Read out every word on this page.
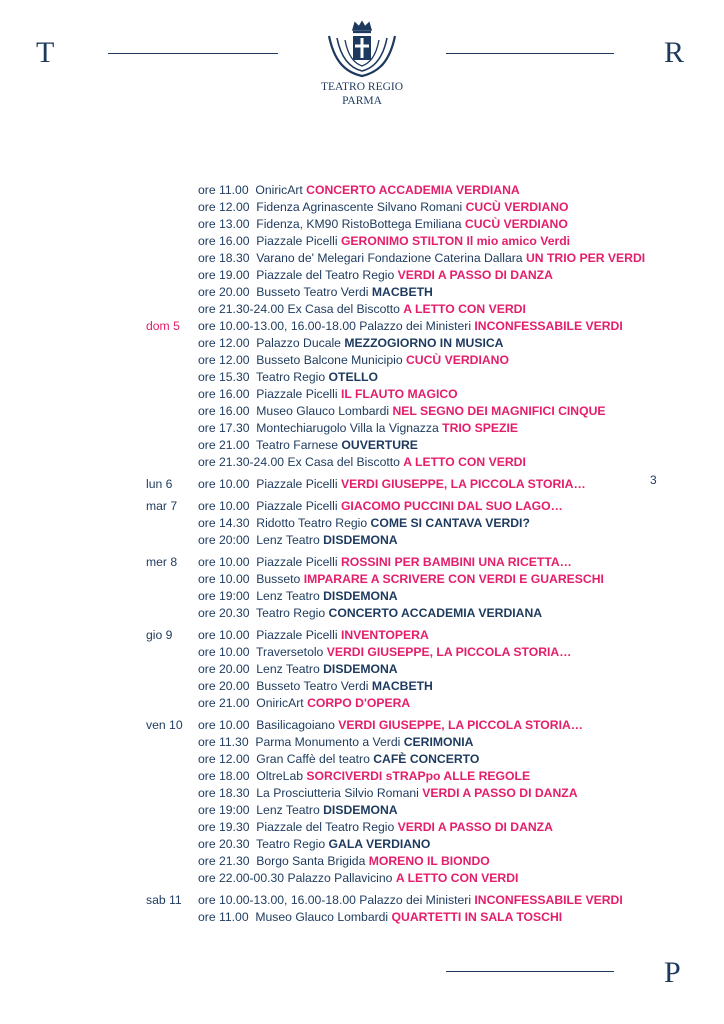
T	R
P
TEATRO REGIO
PARMA
3
ore 11.00  OniricArt CONCERTO ACCADEMIA VERDIANA
ore 12.00  Fidenza Agrinascente Silvano Romani CUCÙ VERDIANO
ore 13.00  Fidenza, KM90 RistoBottega Emiliana CUCÙ VERDIANO
ore 16.00  Piazzale Picelli GERONIMO STILTON Il mio amico Verdi
ore 18.30  Varano de' Melegari Fondazione Caterina Dallara UN TRIO PER VERDI
ore 19.00  Piazzale del Teatro Regio VERDI A PASSO DI DANZA
ore 20.00  Busseto Teatro Verdi MACBETH
ore 21.30-24.00 Ex Casa del Biscotto A LETTO CON VERDI
dom 5 ore 10.00-13.00, 16.00-18.00 Palazzo dei Ministeri INCONFESSABILE VERDI
ore 12.00  Palazzo Ducale MEZZOGIORNO IN MUSICA
ore 12.00  Busseto Balcone Municipio CUCÙ VERDIANO
ore 15.30  Teatro Regio OTELLO
ore 16.00  Piazzale Picelli IL FLAUTO MAGICO
ore 16.00  Museo Glauco Lombardi NEL SEGNO DEI MAGNIFICI CINQUE
ore 17.30  Montechiarugolo Villa la Vignazza TRIO SPEZIE
ore 21.00  Teatro Farnese OUVERTURE
ore 21.30-24.00 Ex Casa del Biscotto A LETTO CON VERDI
lun 6 ore 10.00  Piazzale Picelli VERDI GIUSEPPE, LA PICCOLA STORIA…
mar 7 ore 10.00  Piazzale Picelli GIACOMO PUCCINI DAL SUO LAGO…
ore 14.30  Ridotto Teatro Regio COME SI CANTAVA VERDI?
ore 20:00  Lenz Teatro DISDEMONA
mer 8 ore 10.00  Piazzale Picelli ROSSINI PER BAMBINI UNA RICETTA…
ore 10.00  Busseto IMPARARE A SCRIVERE CON VERDI E GUARESCHI
ore 19:00  Lenz Teatro DISDEMONA
ore 20.30  Teatro Regio CONCERTO ACCADEMIA VERDIANA
gio 9 ore 10.00  Piazzale Picelli INVENTOPERA
ore 10.00  Traversetolo VERDI GIUSEPPE, LA PICCOLA STORIA…
ore 20.00  Lenz Teatro DISDEMONA
ore 20.00  Busseto Teatro Verdi MACBETH
ore 21.00  OniricArt CORPO D'OPERA
ven 10 ore 10.00  Basilicagoiano VERDI GIUSEPPE, LA PICCOLA STORIA…
ore 11.30  Parma Monumento a Verdi CERIMONIA
ore 12.00  Gran Caffè del teatro CAFÈ CONCERTO
ore 18.00  OltreLab SORCIVERDI sTRAPpo ALLE REGOLE
ore 18.30  La Prosciutteria Silvio Romani VERDI A PASSO DI DANZA
ore 19:00  Lenz Teatro DISDEMONA
ore 19.30  Piazzale del Teatro Regio VERDI A PASSO DI DANZA
ore 20.30  Teatro Regio GALA VERDIANO
ore 21.30  Borgo Santa Brigida MORENO IL BIONDO
ore 22.00-00.30 Palazzo Pallavicino A LETTO CON VERDI
sab 11 ore 10.00-13.00, 16.00-18.00 Palazzo dei Ministeri INCONFESSABILE VERDI
ore 11.00  Museo Glauco Lombardi QUARTETTI IN SALA TOSCHI
